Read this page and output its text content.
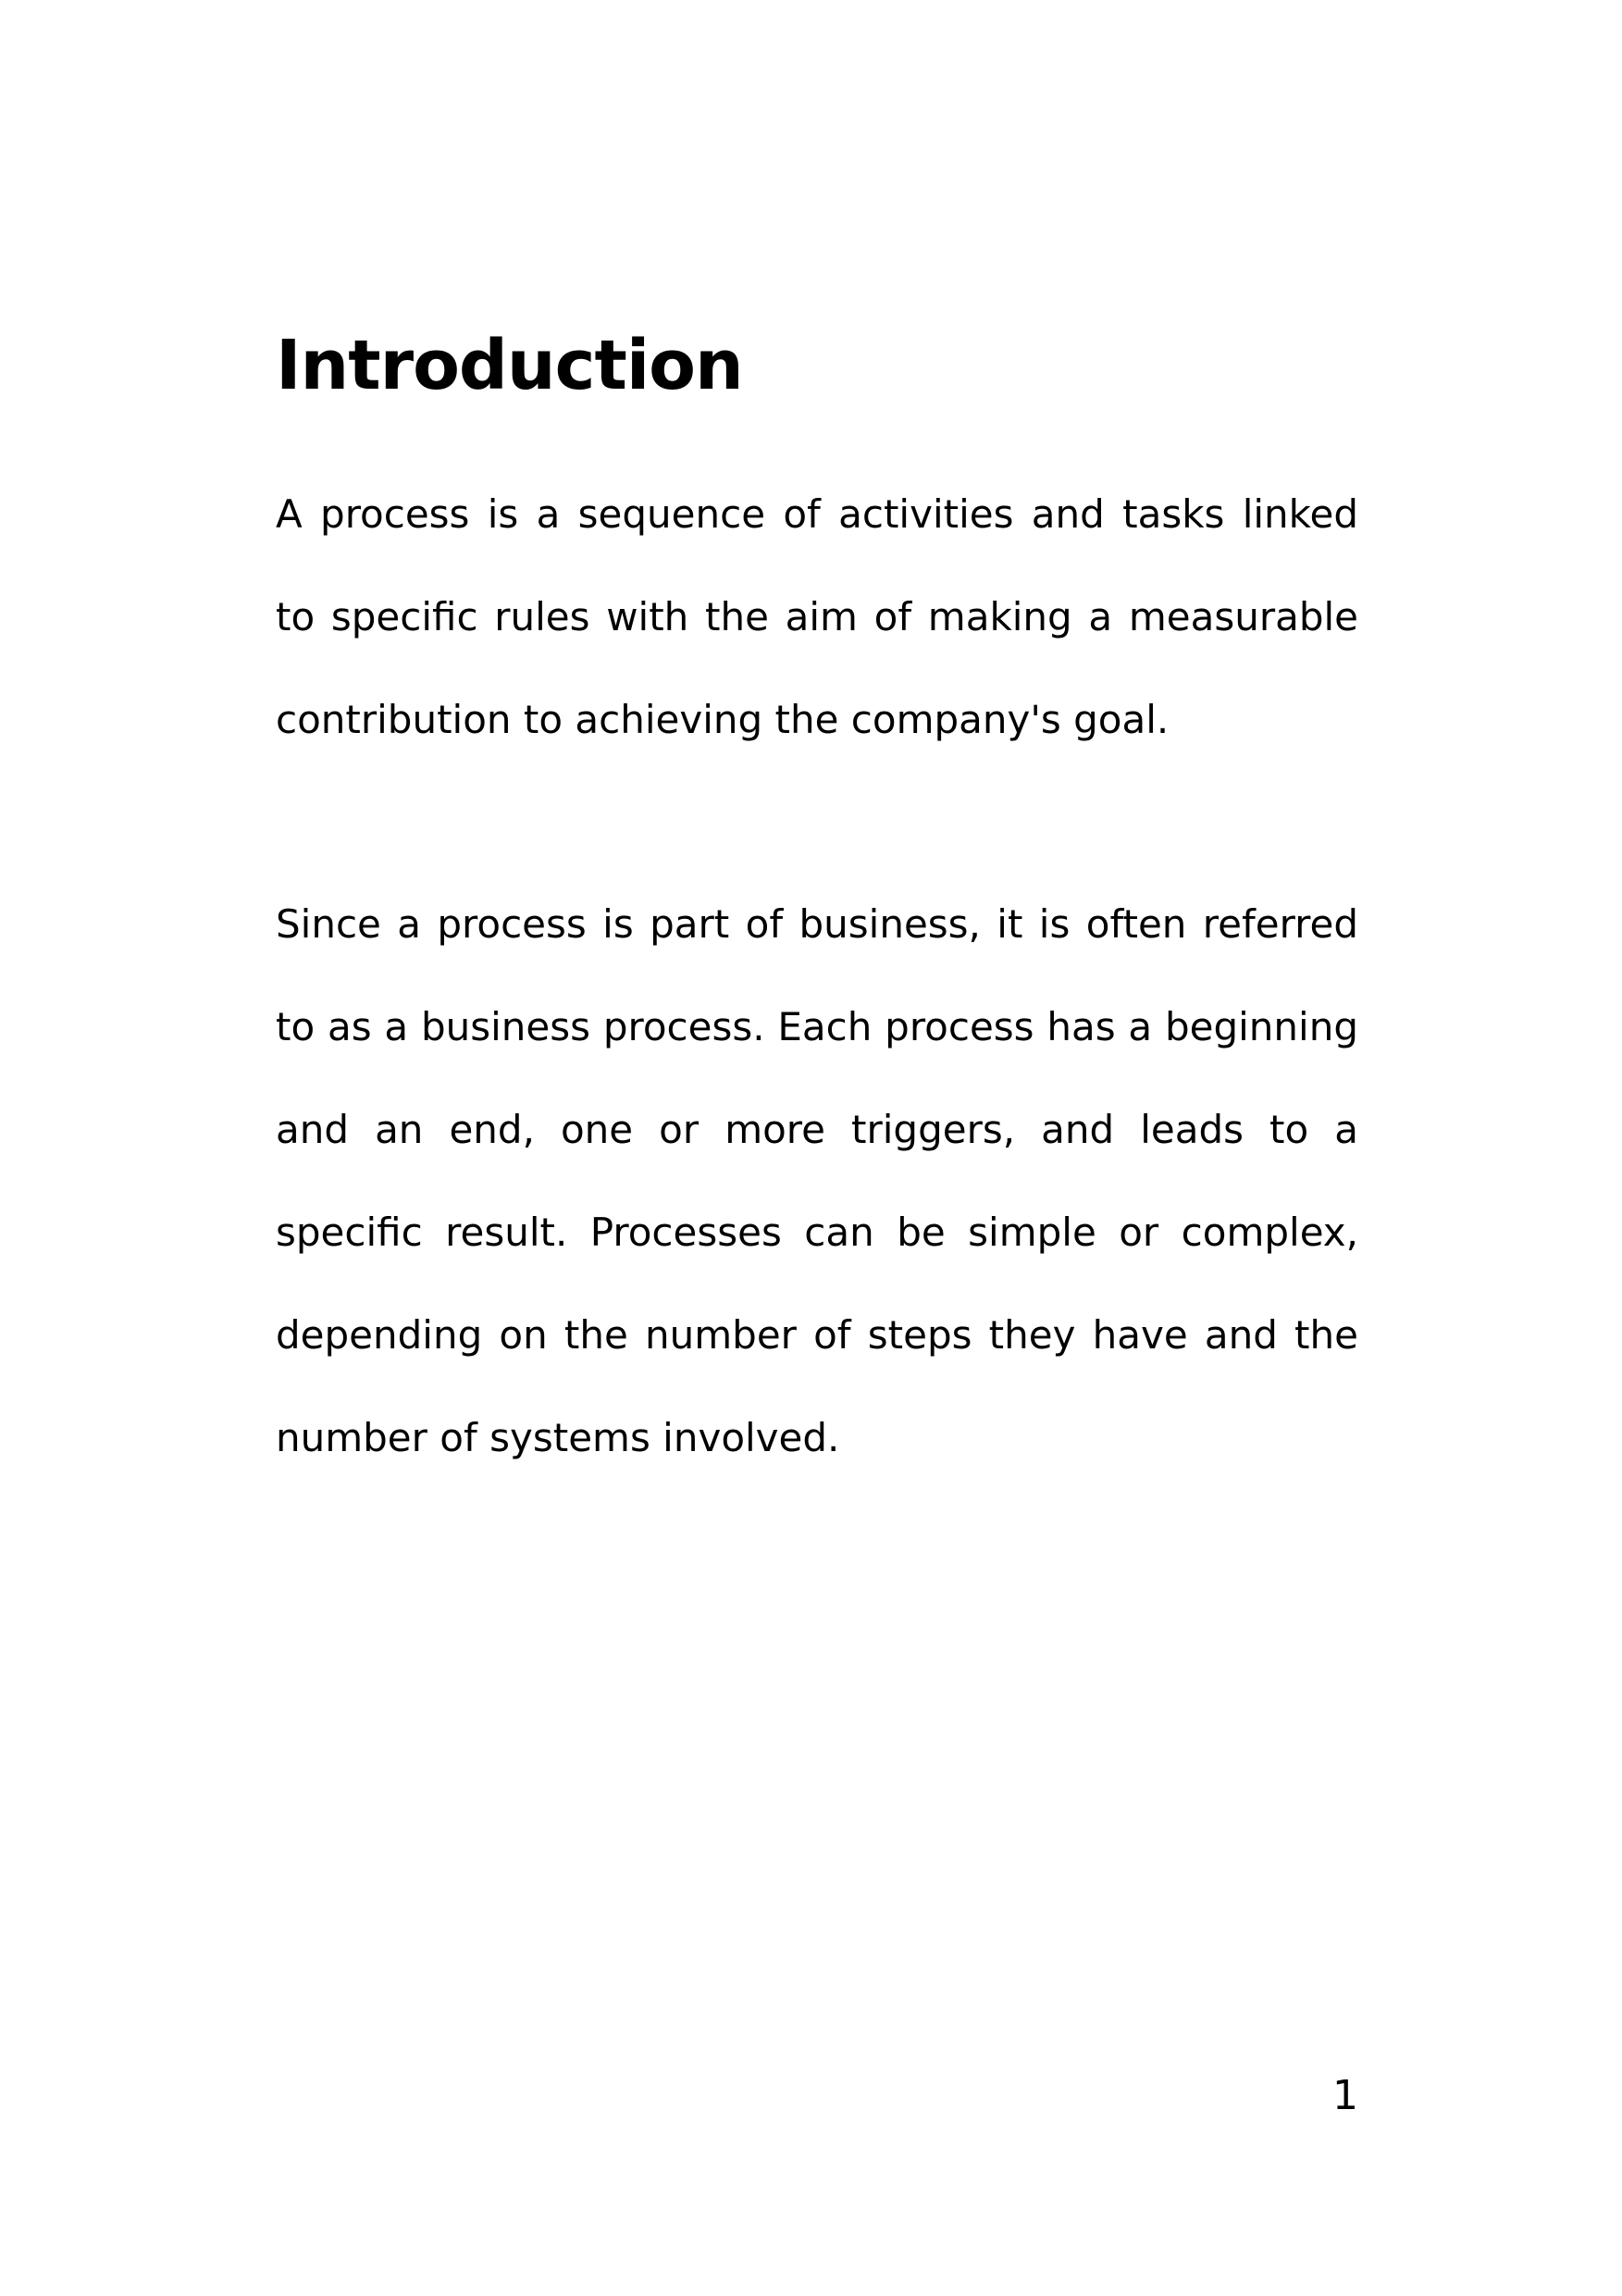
Introduction

A process is a sequence of activities and tasks linked to specific rules with the aim of making a measurable contribution to achieving the company's goal.

Since a process is part of business, it is often referred to as a business process. Each process has a beginning and an end, one or more triggers, and leads to a specific result. Processes can be simple or complex, depending on the number of steps they have and the number of systems involved.

1
